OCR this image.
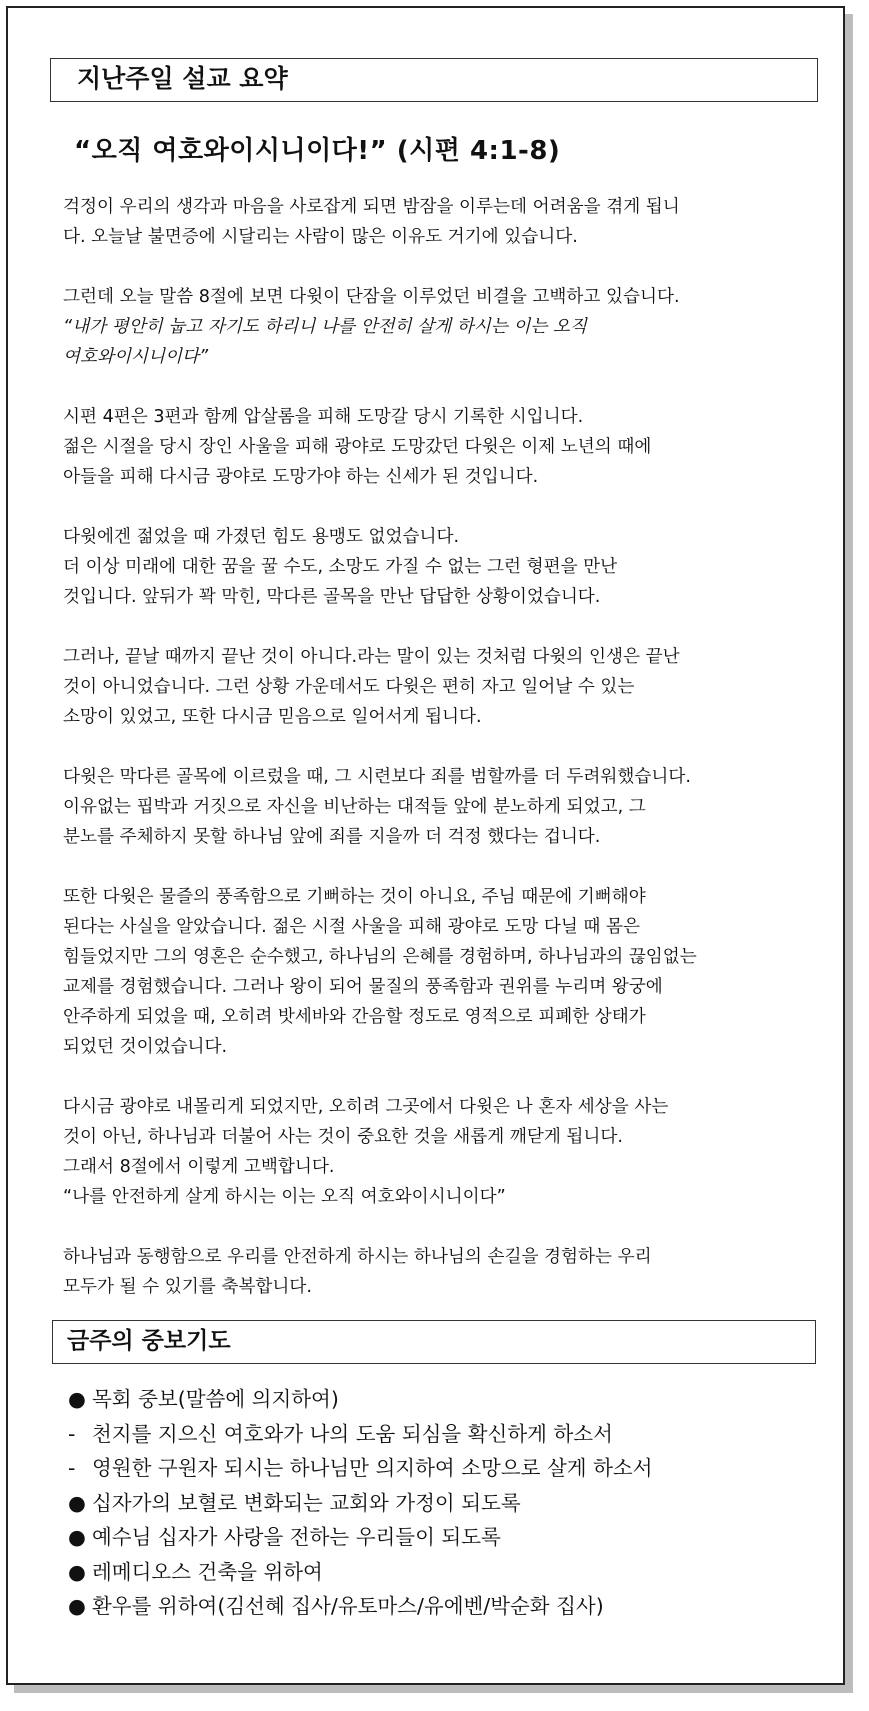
지난주일 설교 요약
“오직 여호와이시니이다!” (시편 4:1-8)
걱정이 우리의 생각과 마음을 사로잡게 되면 밤잠을 이루는데 어려움을 겪게 됩니
다. 오늘날 불면증에 시달리는 사람이 많은 이유도 거기에 있습니다.
그런데 오늘 말씀 8절에 보면 다윗이 단잠을 이루었던 비결을 고백하고 있습니다.
“내가 평안히 눕고 자기도 하리니 나를 안전히 살게 하시는 이는 오직
여호와이시니이다”
시편 4편은 3편과 함께 압살롬을 피해 도망갈 당시 기록한 시입니다.
젊은 시절을 당시 장인 사울을 피해 광야로 도망갔던 다윗은 이제 노년의 때에
아들을 피해 다시금 광야로 도망가야 하는 신세가 된 것입니다.
다윗에겐 젊었을 때 가졌던 힘도 용맹도 없었습니다.
더 이상 미래에 대한 꿈을 꿀 수도, 소망도 가질 수 없는 그런 형편을 만난
것입니다. 앞뒤가 꽉 막힌, 막다른 골목을 만난 답답한 상황이었습니다.
그러나, 끝날 때까지 끝난 것이 아니다.라는 말이 있는 것처럼 다윗의 인생은 끝난
것이 아니었습니다. 그런 상황 가운데서도 다윗은 편히 자고 일어날 수 있는
소망이 있었고, 또한 다시금 믿음으로 일어서게 됩니다.
다윗은 막다른 골목에 이르렀을 때, 그 시련보다 죄를 범할까를 더 두려워했습니다.
이유없는 핍박과 거짓으로 자신을 비난하는 대적들 앞에 분노하게 되었고, 그
분노를 주체하지 못할 하나님 앞에 죄를 지을까 더 걱정 했다는 겁니다.
또한 다윗은 물즐의 풍족함으로 기뻐하는 것이 아니요, 주님 때문에 기뻐해야
된다는 사실을 알았습니다. 젊은 시절 사울을 피해 광야로 도망 다닐 때 몸은
힘들었지만 그의 영혼은 순수했고, 하나님의 은혜를 경험하며, 하나님과의 끊임없는
교제를 경험했습니다. 그러나 왕이 되어 물질의 풍족함과 권위를 누리며 왕궁에
안주하게 되었을 때, 오히려 밧세바와 간음할 정도로 영적으로 피폐한 상태가
되었던 것이었습니다.
다시금 광야로 내몰리게 되었지만, 오히려 그곳에서 다윗은 나 혼자 세상을 사는
것이 아닌, 하나님과 더불어 사는 것이 중요한 것을 새롭게 깨닫게 됩니다.
그래서 8절에서 이렇게 고백합니다.
“나를 안전하게 살게 하시는 이는 오직 여호와이시니이다”
하나님과 동행함으로 우리를 안전하게 하시는 하나님의 손길을 경험하는 우리
모두가 될 수 있기를 축복합니다.
금주의 중보기도
● 목회 중보(말씀에 의지하여)
- 천지를 지으신 여호와가 나의 도움 되심을 확신하게 하소서
- 영원한 구원자 되시는 하나님만 의지하여 소망으로 살게 하소서
● 십자가의 보혈로 변화되는 교회와 가정이 되도록
● 예수님 십자가 사랑을 전하는 우리들이 되도록
● 레메디오스 건축을 위하여
● 환우를 위하여(김선혜 집사/유토마스/유에벤/박순화 집사)
